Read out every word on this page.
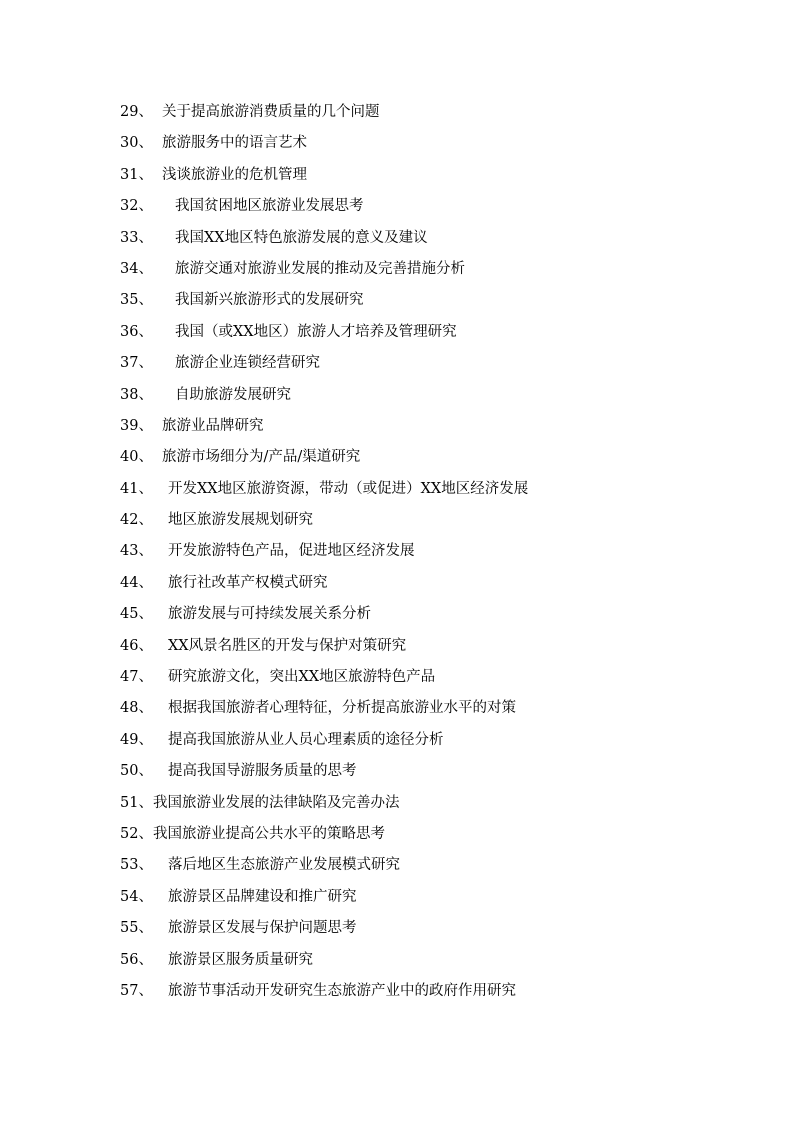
29、 关于提高旅游消费质量的几个问题
30、 旅游服务中的语言艺术
31、 浅谈旅游业的危机管理
32、 我国贫困地区旅游业发展思考
33、 我国XX地区特色旅游发展的意义及建议
34、 旅游交通对旅游业发展的推动及完善措施分析
35、 我国新兴旅游形式的发展研究
36、 我国（或XX地区）旅游人才培养及管理研究
37、 旅游企业连锁经营研究
38、 自助旅游发展研究
39、 旅游业品牌研究
40、 旅游市场细分为/产品/渠道研究
41、 开发XX地区旅游资源，带动（或促进）XX地区经济发展
42、 地区旅游发展规划研究
43、 开发旅游特色产品，促进地区经济发展
44、 旅行社改革产权模式研究
45、 旅游发展与可持续发展关系分析
46、 XX风景名胜区的开发与保护对策研究
47、 研究旅游文化，突出XX地区旅游特色产品
48、 根据我国旅游者心理特征，分析提高旅游业水平的对策
49、 提高我国旅游从业人员心理素质的途径分析
50、 提高我国导游服务质量的思考
51、我国旅游业发展的法律缺陷及完善办法
52、我国旅游业提高公共水平的策略思考
53、 落后地区生态旅游产业发展模式研究
54、 旅游景区品牌建设和推广研究
55、 旅游景区发展与保护问题思考
56、 旅游景区服务质量研究
57、 旅游节事活动开发研究生态旅游产业中的政府作用研究
